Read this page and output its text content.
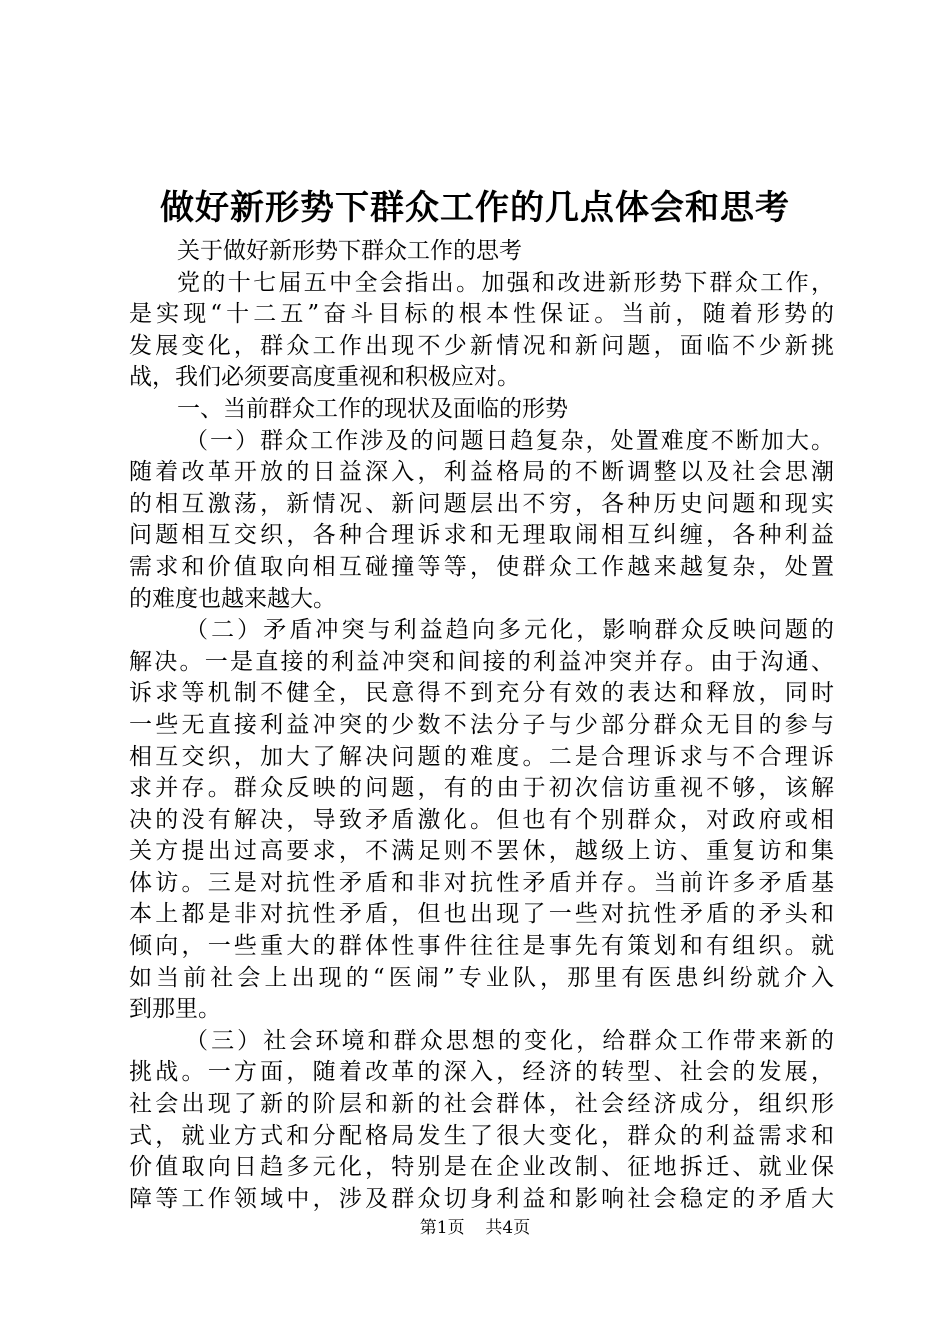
做好新形势下群众工作的几点体会和思考
关于做好新形势下群众工作的思考
党的十七届五中全会指出。加强和改进新形势下群众工作，
是实现“十二五”奋斗目标的根本性保证。当前，随着形势的
发展变化，群众工作出现不少新情况和新问题，面临不少新挑
战，我们必须要高度重视和积极应对。
一、当前群众工作的现状及面临的形势
（一）群众工作涉及的问题日趋复杂，处置难度不断加大。
随着改革开放的日益深入，利益格局的不断调整以及社会思潮
的相互激荡，新情况、新问题层出不穷，各种历史问题和现实
问题相互交织，各种合理诉求和无理取闹相互纠缠，各种利益
需求和价值取向相互碰撞等等，使群众工作越来越复杂，处置
的难度也越来越大。
（二）矛盾冲突与利益趋向多元化，影响群众反映问题的
解决。一是直接的利益冲突和间接的利益冲突并存。由于沟通、
诉求等机制不健全，民意得不到充分有效的表达和释放，同时
一些无直接利益冲突的少数不法分子与少部分群众无目的参与
相互交织，加大了解决问题的难度。二是合理诉求与不合理诉
求并存。群众反映的问题，有的由于初次信访重视不够，该解
决的没有解决，导致矛盾激化。但也有个别群众，对政府或相
关方提出过高要求，不满足则不罢休，越级上访、重复访和集
体访。三是对抗性矛盾和非对抗性矛盾并存。当前许多矛盾基
本上都是非对抗性矛盾，但也出现了一些对抗性矛盾的矛头和
倾向，一些重大的群体性事件往往是事先有策划和有组织。就
如当前社会上出现的“医闹”专业队，那里有医患纠纷就介入
到那里。
（三）社会环境和群众思想的变化，给群众工作带来新的
挑战。一方面，随着改革的深入，经济的转型、社会的发展，
社会出现了新的阶层和新的社会群体，社会经济成分，组织形
式，就业方式和分配格局发生了很大变化，群众的利益需求和
价值取向日趋多元化，特别是在企业改制、征地拆迁、就业保
障等工作领域中，涉及群众切身利益和影响社会稳定的矛盾大
第1页 共4页
